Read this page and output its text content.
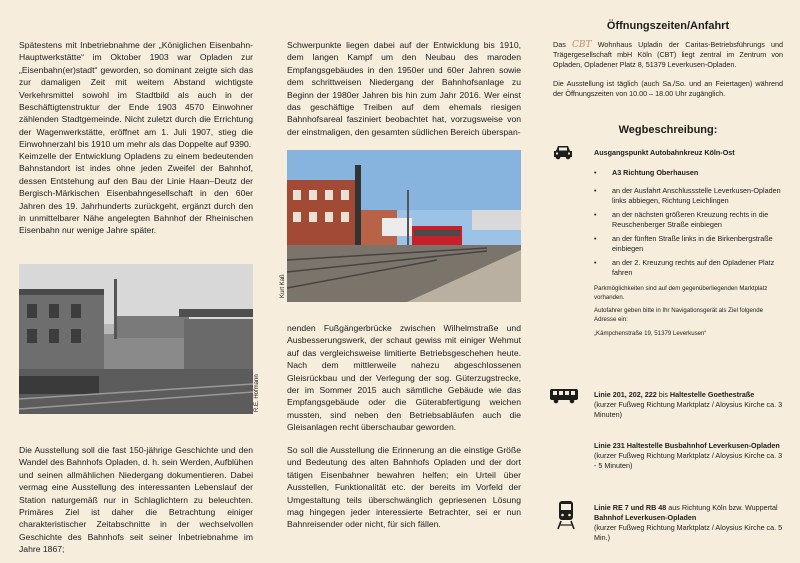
Spätestens mit Inbetriebnahme der „Königlichen Eisenbahn-Hauptwerkstätte“ im Oktober 1903 war Opladen zur „Eisenbahn(er)stadt“ geworden, so dominant zeigte sich das zur damaligen Zeit mit weitem Abstand wichtigste Verkehrsmittel sowohl im Stadtbild als auch in der Beschäftigtenstruktur der Ende 1903 4570 Einwohner zählenden Stadtgemeinde. Nicht zuletzt durch die Errichtung der Wagenwerkstätte, eröffnet am 1. Juli 1907, stieg die Einwohnerzahl bis 1910 um mehr als das Doppelte auf 9390.

Keimzelle der Entwicklung Opladens zu einem bedeutenden Bahnstandort ist indes ohne jeden Zweifel der Bahnhof, dessen Entstehung auf den Bau der Linie Haan–Deutz der Bergisch-Märkischen Eisenbahngesellschaft in den 60er Jahren des 19. Jahrhunderts zurückgeht, ergänzt durch den in unmittelbarer Nähe angelegten Bahnhof der Rheinischen Eisenbahn nur wenige Jahre später.

R.E. Hofmann

Die Ausstellung soll die fast 150-jährige Geschichte und den Wandel des Bahnhofs Opladen, d. h. sein Werden, Aufblühen und seinen allmählichen Niedergang dokumentieren. Dabei vermag eine Ausstellung des interessanten Lebenslauf der Station naturgemäß nur in Schlaglichtern zu beleuchten. Primäres Ziel ist daher die Betrachtung einiger charakteristischer Zeitabschnitte in der wechselvollen Geschichte des Bahnhofs seit seiner Inbetriebnahme im Jahre 1867;

Schwerpunkte liegen dabei auf der Entwicklung bis 1910, dem langen Kampf um den Neubau des maroden Empfangsgebäudes in den 1950er und 60er Jahren sowie dem schrittweisen Niedergang der Bahnhofsanlage zu Beginn der 1980er Jahren bis hin zum Jahr 2016. Wer einst das geschäftige Treiben auf dem ehemals riesigen Bahnhofsareal fasziniert beobachtet hat, vorzugsweise von der einstmaligen, den gesamten südlichen Bereich überspan-

Kurt Kaß

nenden Fußgängerbrücke zwischen Wilhelmstraße und Ausbesserungswerk, der schaut gewiss mit einiger Wehmut auf das vergleichsweise limitierte Betriebsgeschehen heute. Nach dem mittlerweile nahezu abgeschlossenen Gleisrückbau und der Verlegung der sog. Güterzugstrecke, der im Sommer 2015 auch sämtliche Gebäude wie das Empfangsgebäude oder die Güterabfertigung weichen mussten, sind neben den Betriebsabläufen auch die Gleisanlagen recht überschaubar geworden.

So soll die Ausstellung die Erinnerung an die einstige Größe und Bedeutung des alten Bahnhofs Opladen und der dort tätigen Eisenbahner bewahren helfen; ein Urteil über Ausstellen, Funktionalität etc. der bereits im Vorfeld der Umgestaltung teils überschwänglich gepriesenen Lösung mag hingegen jeder interessierte Betrachter, sei er nun Bahnreisender oder nicht, für sich fällen.

Öffnungszeiten/Anfahrt
Das CBT Wohnhaus Upladin der Caritas-Betriebsführungs und Trägergesellschaft mbH Köln (CBT) liegt zentral im Zentrum von Opladen, Opladener Platz 8, 51379 Leverkusen-Opladen.
Die Ausstellung ist täglich (auch Sa./So. und an Feiertagen) während der Öffnungszeiten von 10.00 – 18.00 Uhr zugänglich.
Wegbeschreibung:
Ausgangspunkt Autobahnkreuz Köln-Ost
• A3 Richtung Oberhausen
• an der Ausfahrt Anschlussstelle Leverkusen-Opladen links abbiegen, Richtung Leichlingen
• an der nächsten größeren Kreuzung rechts in die Reuschenberger Straße einbiegen
• an der fünften Straße links in die Birkenbergstraße einbiegen
• an der 2. Kreuzung rechts auf den Opladener Platz fahren
Parkmöglichkeiten sind auf dem gegenüberliegenden Marktplatz vorhanden.
Autofahrer geben bitte in Ihr Navigationsgerät als Ziel folgende Adresse ein:
„Kämpchenstraße 19, 51379 Leverkusen“
Linie 201, 202, 222 bis Haltestelle Goethestraße
(kurzer Fußweg Richtung Marktplatz / Aloysius Kirche ca. 3 Minuten)
Linie 231 Haltestelle Busbahnhof Leverkusen-Opladen
(kurzer Fußweg Richtung Marktplatz / Aloysius Kirche ca. 3 - 5 Minuten)
Linie RE 7 und RB 48 aus Richtung Köln bzw. Wuppertal Bahnhof Leverkusen-Opladen
(kurzer Fußweg Richtung Marktplatz / Aloysius Kirche ca. 5 Min.)
